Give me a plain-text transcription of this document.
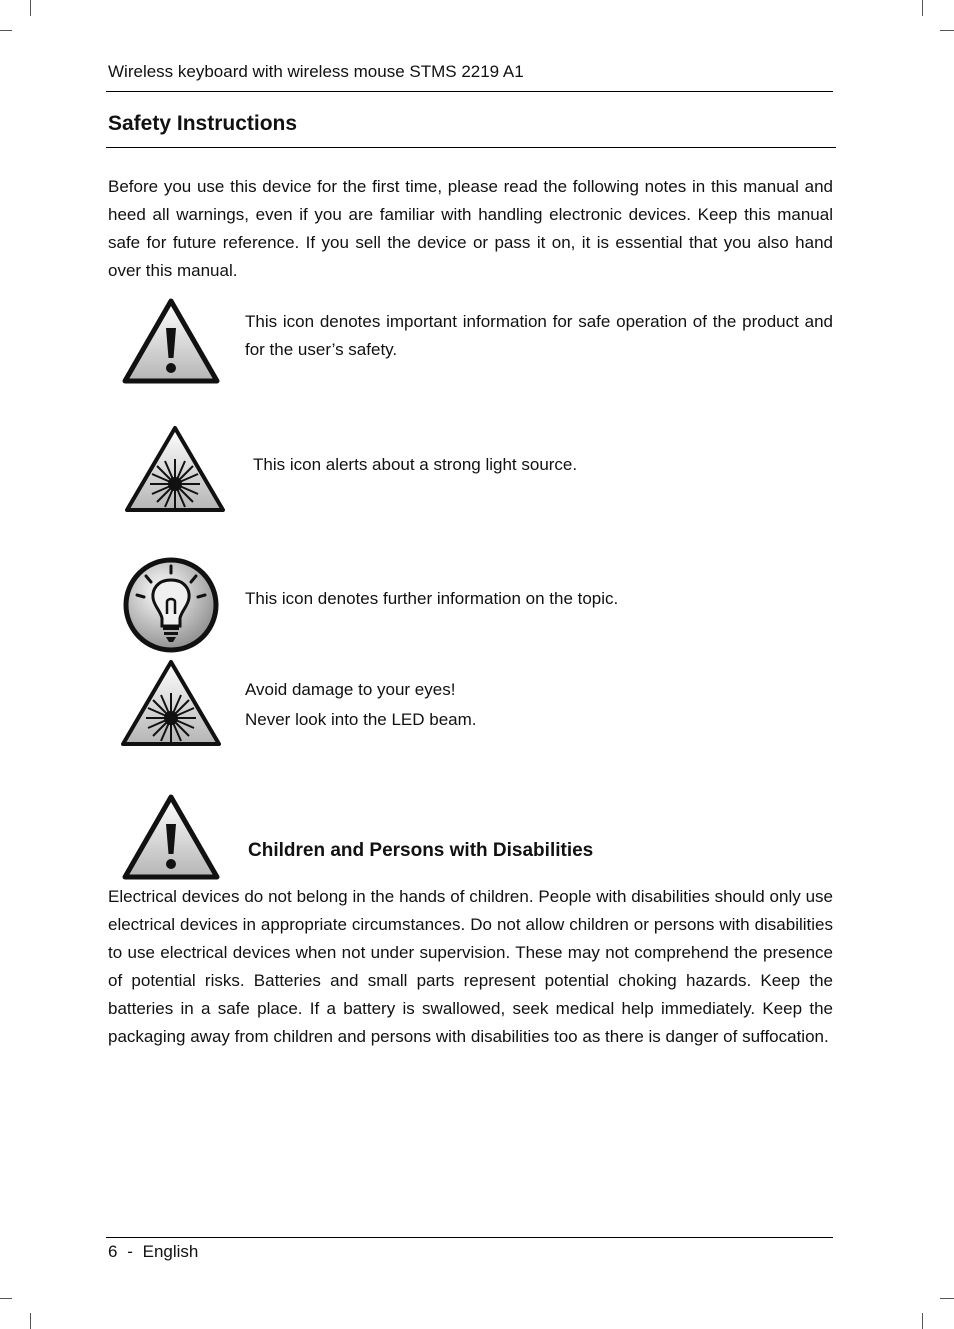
Wireless keyboard with wireless mouse STMS 2219 A1
Safety Instructions

Before you use this device for the first time, please read the following notes in this manual and heed all warnings, even if you are familiar with handling electronic devices. Keep this manual safe for future reference. If you sell the device or pass it on, it is essential that you also hand over this manual.

This icon denotes important information for safe operation of the product and for the user’s safety.

This icon alerts about a strong light source.

This icon denotes further information on the topic.

Avoid damage to your eyes!

Never look into the LED beam.

Children and Persons with Disabilities

Electrical devices do not belong in the hands of children. People with disabilities should only use electrical devices in appropriate circumstances. Do not allow children or persons with disabilities to use electrical devices when not under supervision. These may not comprehend the presence of potential risks. Batteries and small parts represent potential choking hazards. Keep the batteries in a safe place. If a battery is swallowed, seek medical help immediately. Keep the packaging away from children and persons with disabilities too as there is danger of suffocation.

6 - English
